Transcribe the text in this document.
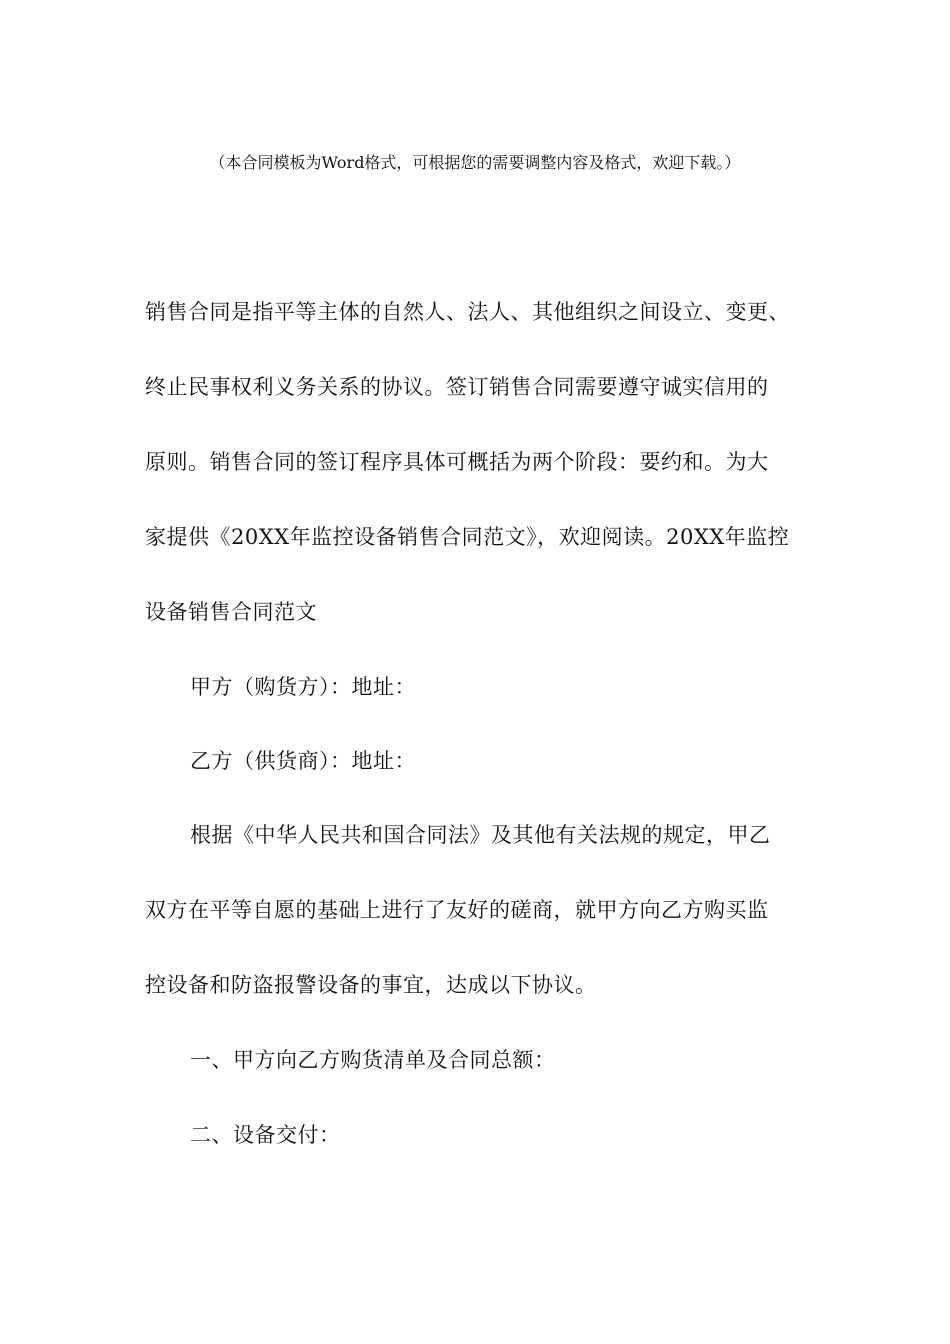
（本合同模板为Word格式，可根据您的需要调整内容及格式，欢迎下载。）
销售合同是指平等主体的自然人、法人、其他组织之间设立、变更、
终止民事权利义务关系的协议。签订销售合同需要遵守诚实信用的
原则。销售合同的签订程序具体可概括为两个阶段：要约和。为大
家提供《20XX年监控设备销售合同范文》，欢迎阅读。20XX年监控
设备销售合同范文
甲方（购货方）：地址：
乙方（供货商）：地址：
根据《中华人民共和国合同法》及其他有关法规的规定，甲乙
双方在平等自愿的基础上进行了友好的磋商，就甲方向乙方购买监
控设备和防盗报警设备的事宜，达成以下协议。
一、甲方向乙方购货清单及合同总额：
二、设备交付：
